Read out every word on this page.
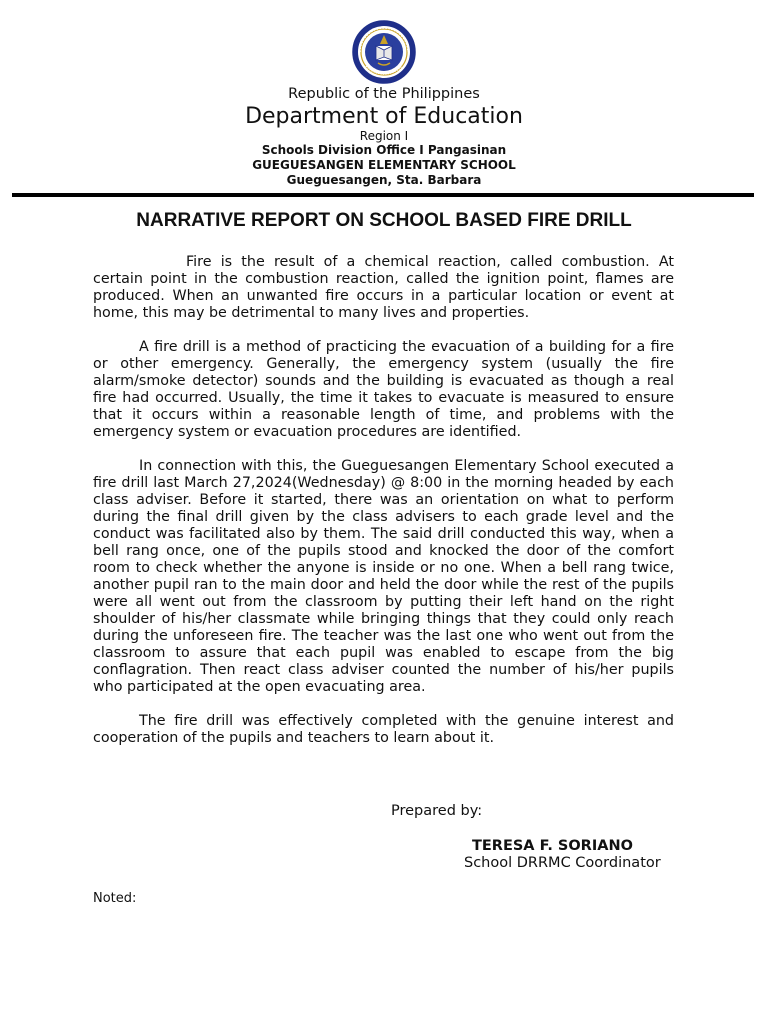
Republic of the Philippines
Department of Education
Region I
Schools Division Office I Pangasinan
GUEGUESANGEN ELEMENTARY SCHOOL
Gueguesangen, Sta. Barbara
NARRATIVE REPORT ON SCHOOL BASED FIRE DRILL

Fire is the result of a chemical reaction, called combustion. At certain point in the combustion reaction, called the ignition point, flames are produced. When an unwanted fire occurs in a particular location or event at home, this may be detrimental to many lives and properties.

A fire drill is a method of practicing the evacuation of a building for a fire or other emergency. Generally, the emergency system (usually the fire alarm/smoke detector) sounds and the building is evacuated as though a real fire had occurred. Usually, the time it takes to evacuate is measured to ensure that it occurs within a reasonable length of time, and problems with the emergency system or evacuation procedures are identified.

In connection with this, the Gueguesangen Elementary School executed a fire drill last March 27,2024(Wednesday) @ 8:00 in the morning headed by each class adviser. Before it started, there was an orientation on what to perform during the final drill given by the class advisers to each grade level and the conduct was facilitated also by them. The said drill conducted this way, when a bell rang once, one of the pupils stood and knocked the door of the comfort room to check whether the anyone is inside or no one. When a bell rang twice, another pupil ran to the main door and held the door while the rest of the pupils were all went out from the classroom by putting their left hand on the right shoulder of his/her classmate while bringing things that they could only reach during the unforeseen fire. The teacher was the last one who went out from the classroom to assure that each pupil was enabled to escape from the big conflagration. Then react class adviser counted the number of his/her pupils who participated at the open evacuating area.

The fire drill was effectively completed with the genuine interest and cooperation of the pupils and teachers to learn about it.

Prepared by:
TERESA F. SORIANO
School DRRMC Coordinator
Noted:
